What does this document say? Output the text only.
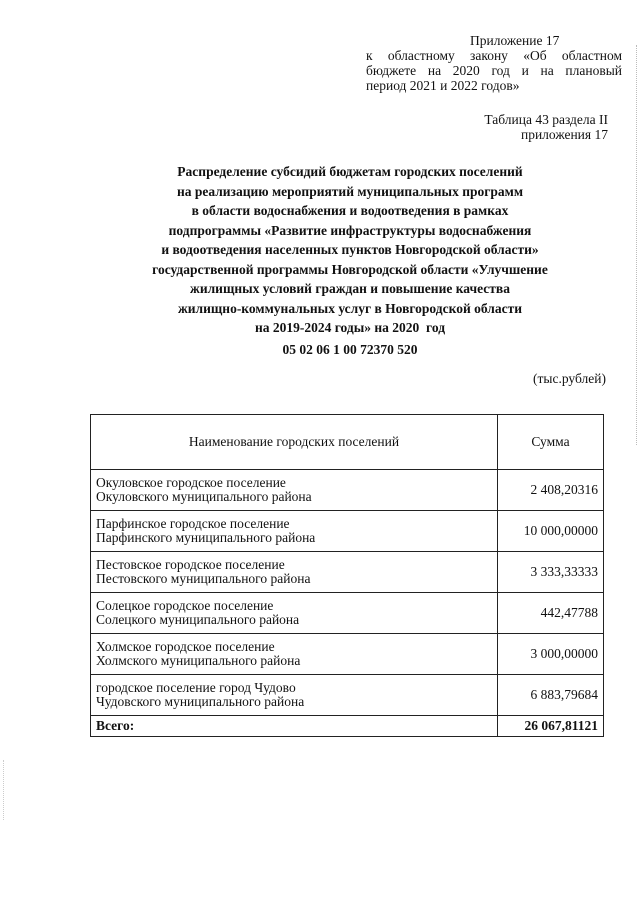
Приложение 17
к областному закону «Об областном
бюджете на 2020 год и на плановый
период 2021 и 2022 годов»
Таблица 43 раздела II
приложения 17
Распределение субсидий бюджетам городских поселений
на реализацию мероприятий муниципальных программ
в области водоснабжения и водоотведения в рамках
подпрограммы «Развитие инфраструктуры водоснабжения
и водоотведения населенных пунктов Новгородской области»
государственной программы Новгородской области «Улучшение
жилищных условий граждан и повышение качества
жилищно-коммунальных услуг в Новгородской области
на 2019-2024 годы» на 2020  год
05 02 06 1 00 72370 520
(тыс.рублей)
Наименование городских поселений	Сумма

Окуловское городское поселение
Окуловского муниципального района	2 408,20316

Парфинское городское поселение
Парфинского муниципального района	10 000,00000

Пестовское городское поселение
Пестовского муниципального района	3 333,33333

Солецкое городское поселение
Солецкого муниципального района	442,47788

Холмское городское поселение
Холмского муниципального района	3 000,00000

городское поселение город Чудово
Чудовского муниципального района	6 883,79684
Всего:	26 067,81121
